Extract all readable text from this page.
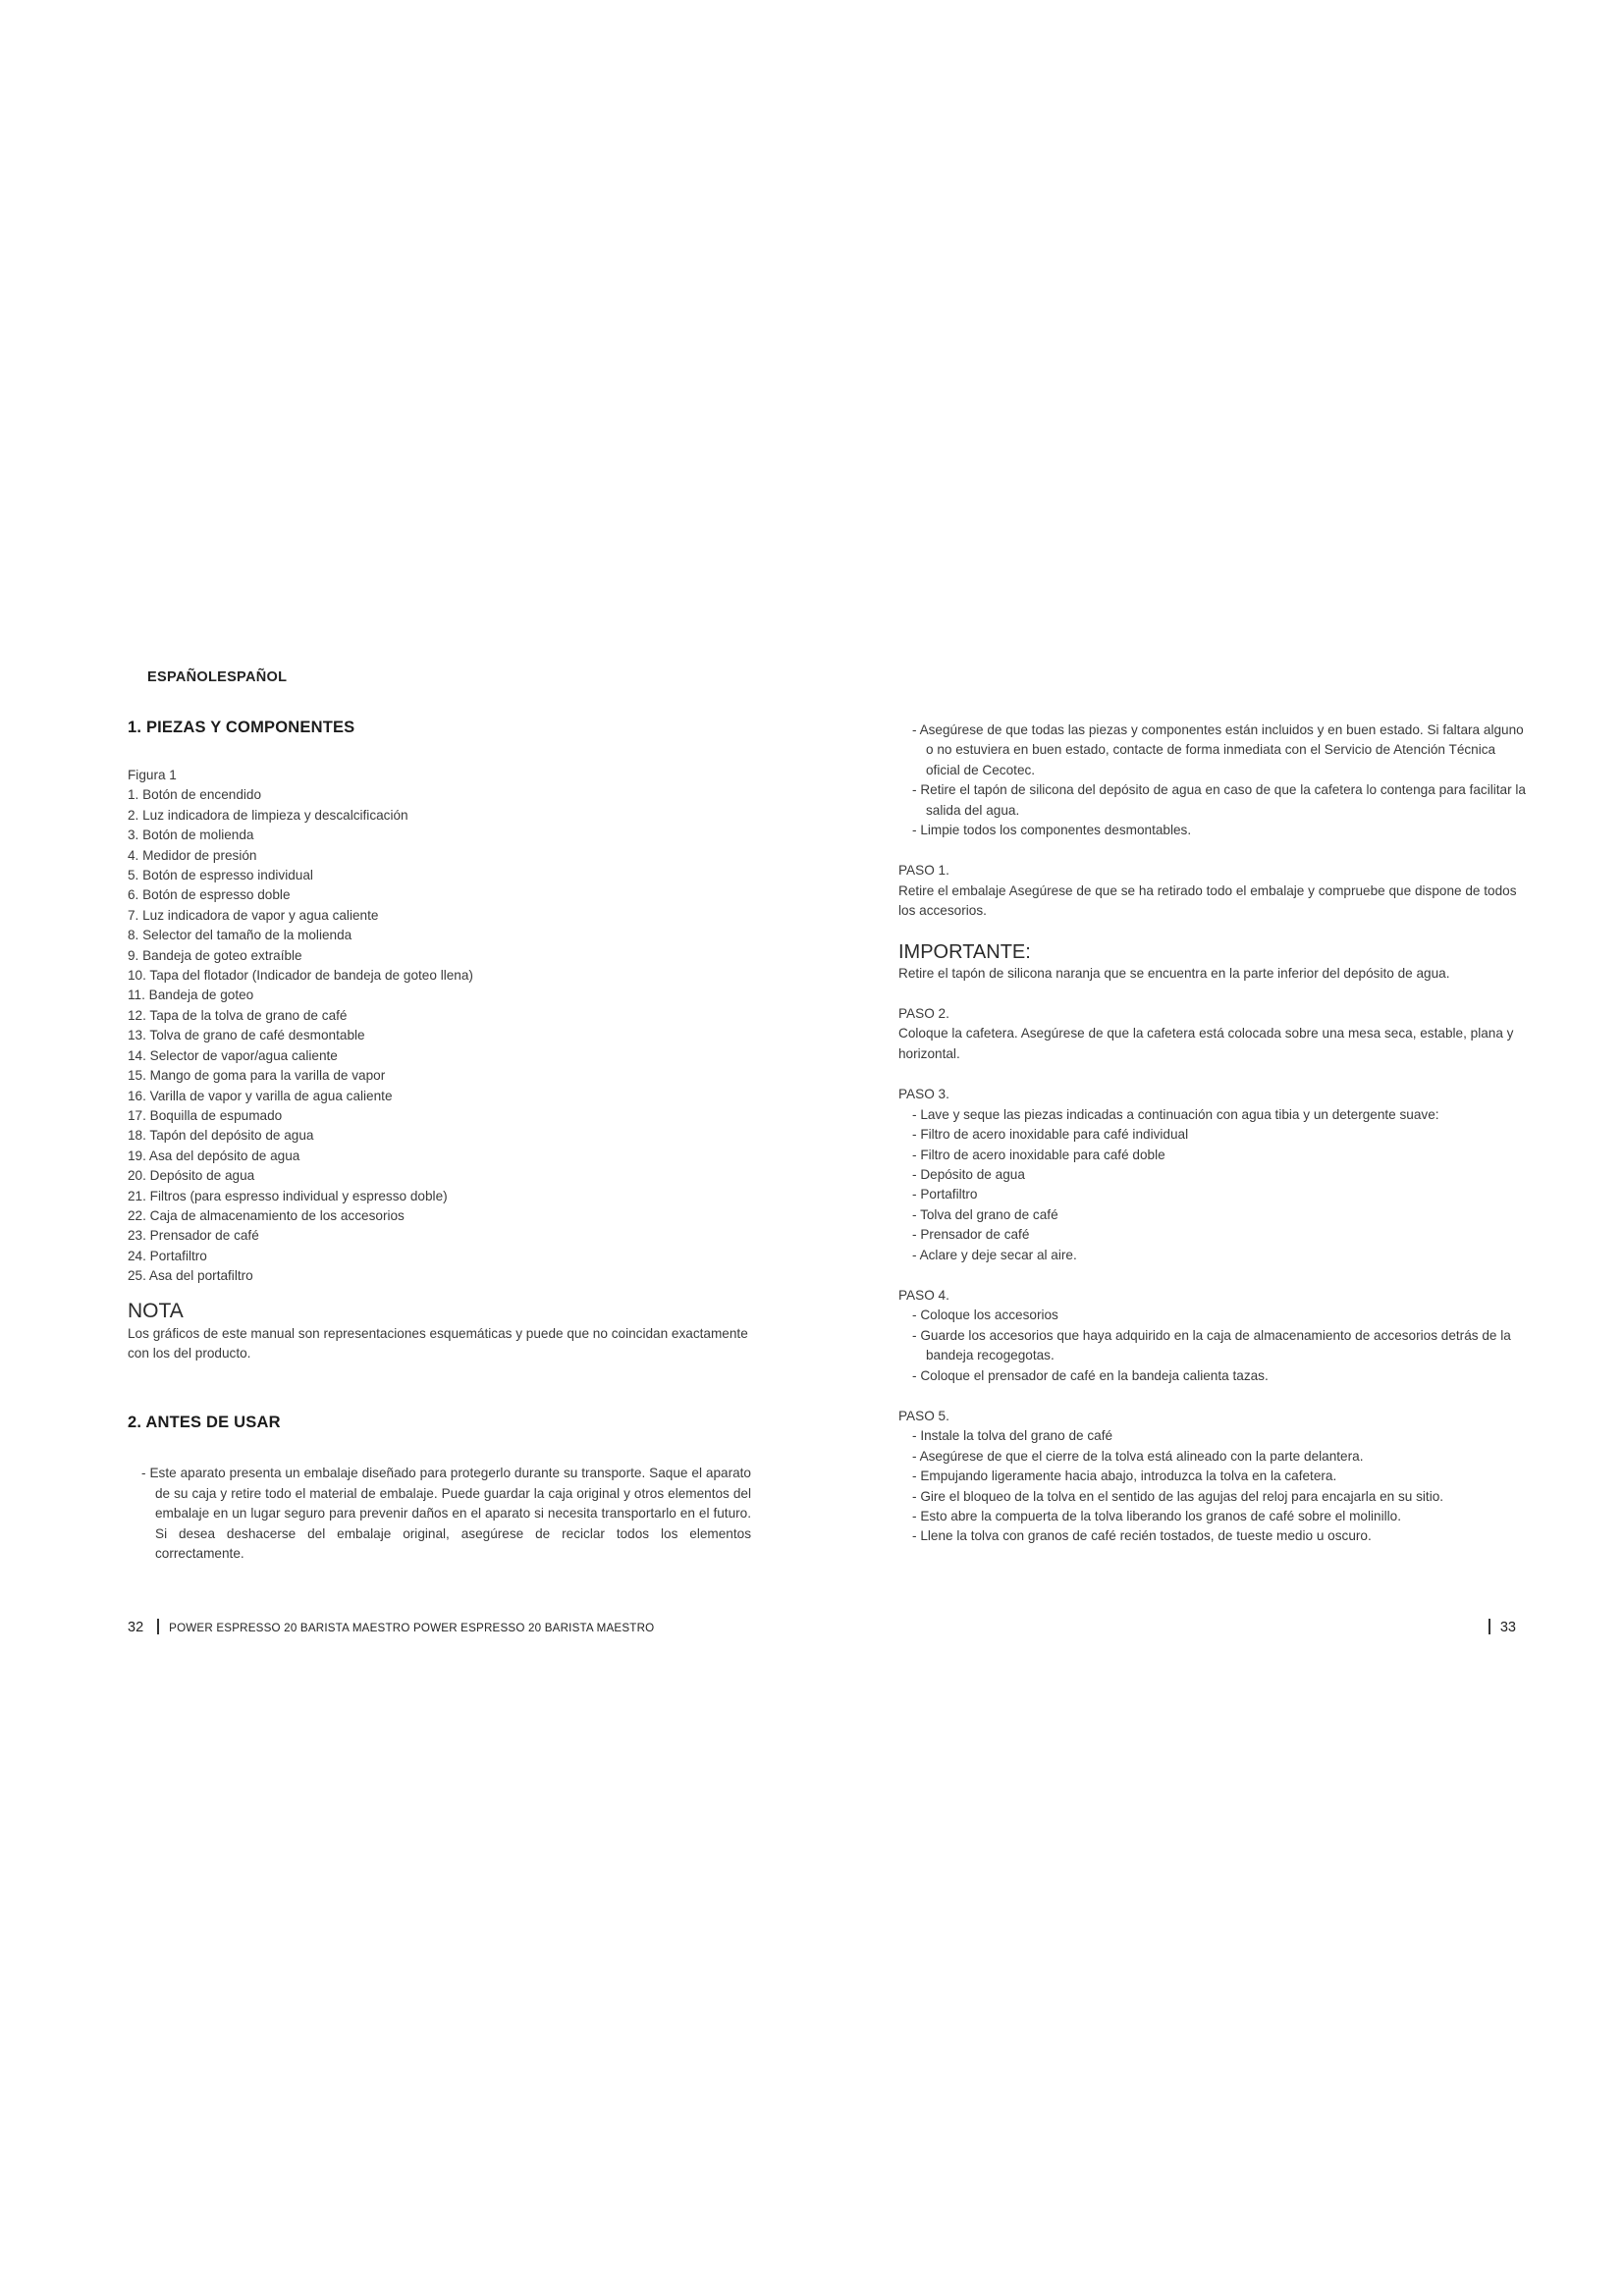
ESPAÑOLESPAÑOL
1. PIEZAS Y COMPONENTES
Figura 1
1. Botón de encendido
2. Luz indicadora de limpieza y descalcificación
3. Botón de molienda
4. Medidor de presión
5. Botón de espresso individual
6. Botón de espresso doble
7. Luz indicadora de vapor y agua caliente
8. Selector del tamaño de la molienda
9. Bandeja de goteo extraíble
10. Tapa del flotador (Indicador de bandeja de goteo llena)
11. Bandeja de goteo
12. Tapa de la tolva de grano de café
13. Tolva de grano de café desmontable
14. Selector de vapor/agua caliente
15. Mango de goma para la varilla de vapor
16. Varilla de vapor y varilla de agua caliente
17. Boquilla de espumado
18. Tapón del depósito de agua
19. Asa del depósito de agua
20. Depósito de agua
21. Filtros (para espresso individual y espresso doble)
22. Caja de almacenamiento de los accesorios
23. Prensador de café
24. Portafiltro
25. Asa del portafiltro
NOTA
Los gráficos de este manual son representaciones esquemáticas y puede que no coincidan exactamente con los del producto.
2. ANTES DE USAR
- Este aparato presenta un embalaje diseñado para protegerlo durante su transporte. Saque el aparato de su caja y retire todo el material de embalaje. Puede guardar la caja original y otros elementos del embalaje en un lugar seguro para prevenir daños en el aparato si necesita transportarlo en el futuro. Si desea deshacerse del embalaje original, asegúrese de reciclar todos los elementos correctamente.
- Asegúrese de que todas las piezas y componentes están incluidos y en buen estado. Si faltara alguno o no estuviera en buen estado, contacte de forma inmediata con el Servicio de Atención Técnica oficial de Cecotec.
- Retire el tapón de silicona del depósito de agua en caso de que la cafetera lo contenga para facilitar la salida del agua.
- Limpie todos los componentes desmontables.
PASO 1.
Retire el embalaje Asegúrese de que se ha retirado todo el embalaje y compruebe que dispone de todos los accesorios.
IMPORTANTE:
Retire el tapón de silicona naranja que se encuentra en la parte inferior del depósito de agua.
PASO 2.
Coloque la cafetera. Asegúrese de que la cafetera está colocada sobre una mesa seca, estable, plana y horizontal.
PASO 3.
- Lave y seque las piezas indicadas a continuación con agua tibia y un detergente suave:
- Filtro de acero inoxidable para café individual
- Filtro de acero inoxidable para café doble
- Depósito de agua
- Portafiltro
- Tolva del grano de café
- Prensador de café
- Aclare y deje secar al aire.
PASO 4.
- Coloque los accesorios
- Guarde los accesorios que haya adquirido en la caja de almacenamiento de accesorios detrás de la bandeja recogegotas.
- Coloque el prensador de café en la bandeja calienta tazas.
PASO 5.
- Instale la tolva del grano de café
- Asegúrese de que el cierre de la tolva está alineado con la parte delantera.
- Empujando ligeramente hacia abajo, introduzca la tolva en la cafetera.
- Gire el bloqueo de la tolva en el sentido de las agujas del reloj para encajarla en su sitio.
- Esto abre la compuerta de la tolva liberando los granos de café sobre el molinillo.
- Llene la tolva con granos de café recién tostados, de tueste medio u oscuro.
32 POWER ESPRESSO 20 BARISTA MAESTRO POWER ESPRESSO 20 BARISTA MAESTRO	33
